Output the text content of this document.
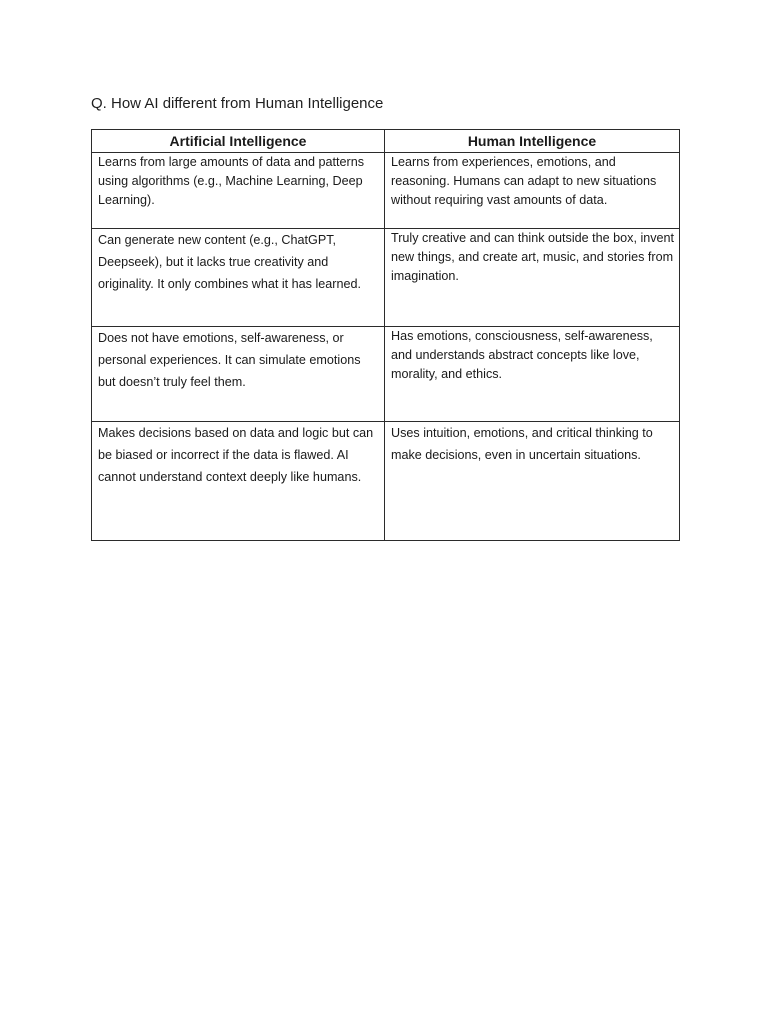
Q. How AI different from Human Intelligence
Artificial Intelligence	Human Intelligence

Learns from large amounts of data and patterns using algorithms (e.g., Machine Learning, Deep Learning).	Learns from experiences, emotions, and reasoning. Humans can adapt to new situations without requiring vast amounts of data.

Can generate new content (e.g., ChatGPT, Deepseek), but it lacks true creativity and originality. It only combines what it has learned.	Truly creative and can think outside the box, invent new things, and create art, music, and stories from imagination.

Does not have emotions, self-awareness, or personal experiences. It can simulate emotions but doesn’t truly feel them.	Has emotions, consciousness, self-awareness, and understands abstract concepts like love, morality, and ethics.

Makes decisions based on data and logic but can be biased or incorrect if the data is flawed. AI cannot understand context deeply like humans.	Uses intuition, emotions, and critical thinking to make decisions, even in uncertain situations.
